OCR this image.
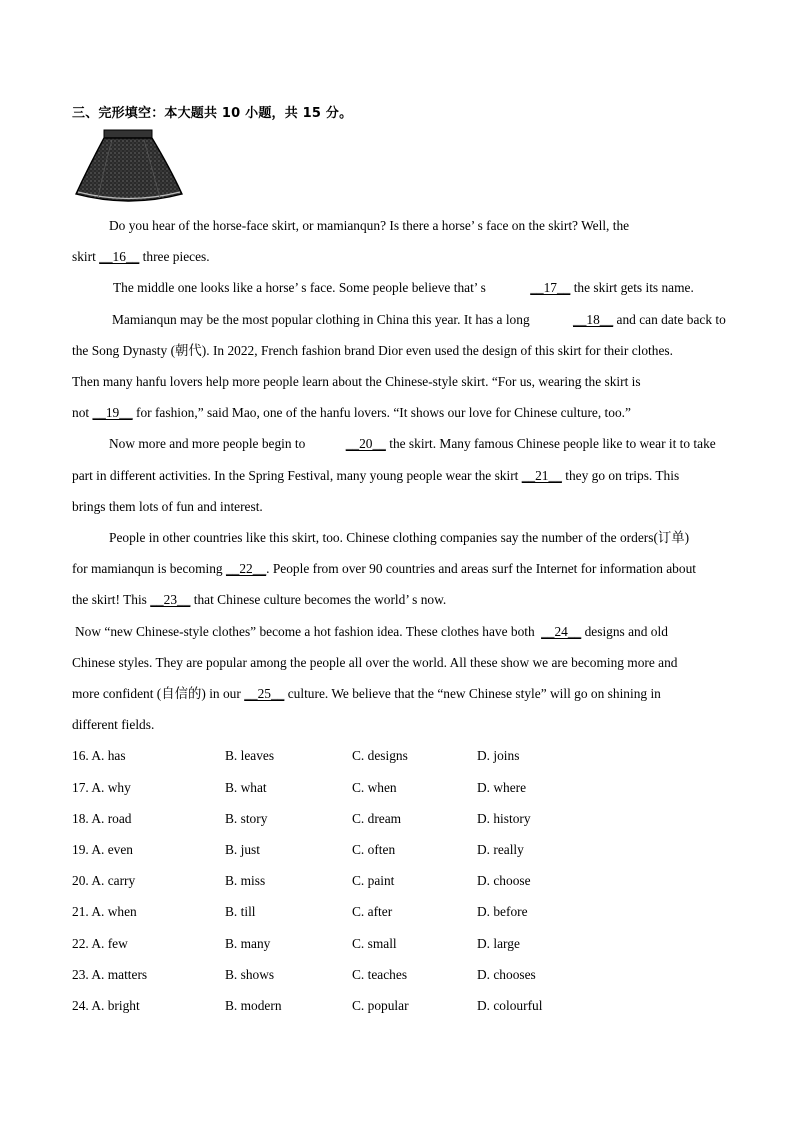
三、完形填空：本大题共 10 小题，共 15 分。
Do you hear of the horse-face skirt, or mamianqun? Is there a horse’ s face on the skirt? Well, the
skirt __16__ three pieces.
The middle one looks like a horse’ s face. Some people believe that’ s	__17__ the skirt gets its name.
Mamianqun may be the most popular clothing in China this year. It has a long	__18__ and can date back to
the Song Dynasty (朝代). In 2022, French fashion brand Dior even used the design of this skirt for their clothes.
Then many hanfu lovers help more people learn about the Chinese-style skirt. “For us, wearing the skirt is
not __19__ for fashion,” said Mao, one of the hanfu lovers. “It shows our love for Chinese culture, too.”
Now more and more people begin to	__20__ the skirt. Many famous Chinese people like to wear it to take
part in different activities. In the Spring Festival, many young people wear the skirt __21__ they go on trips. This
brings them lots of fun and interest.
People in other countries like this skirt, too. Chinese clothing companies say the number of the orders(订单)
for mamianqun is becoming __22__. People from over 90 countries and areas surf the Internet for information about
the skirt! This __23__ that Chinese culture becomes the world’ s now.
Now “new Chinese-style clothes” become a hot fashion idea. These clothes have both __24__ designs and old
Chinese styles. They are popular among the people all over the world. All these show we are becoming more and
more confident (自信的) in our __25__ culture. We believe that the “new Chinese style” will go on shining in
different fields.
16. A. has	B. leaves	C. designs	D. joins
17. A. why	B. what	C. when	D. where
18. A. road	B. story	C. dream	D. history
19. A. even	B. just	C. often	D. really
20. A. carry	B. miss	C. paint	D. choose
21. A. when	B. till	C. after	D. before
22. A. few	B. many	C. small	D. large
23. A. matters	B. shows	C. teaches	D. chooses
24. A. bright	B. modern	C. popular	D. colourful
